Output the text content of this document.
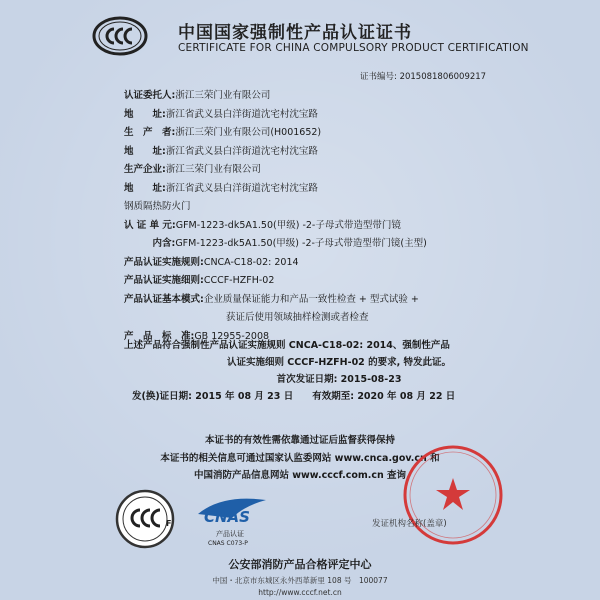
中国国家强制性产品认证证书
CERTIFICATE FOR CHINA COMPULSORY PRODUCT CERTIFICATION
证书编号: 2015081806009217
认证委托人: 浙江三荣门业有限公司
地　　址: 浙江省武义县白洋街道沈宅村沈宝路
生　产　者: 浙江三荣门业有限公司(H001652)
地　　址: 浙江省武义县白洋街道沈宅村沈宝路
生产企业: 浙江三荣门业有限公司
地　　址: 浙江省武义县白洋街道沈宅村沈宝路
钢质隔热防火门
认 证 单 元: GFM-1223-dk5A1.50(甲级) -2-子母式带造型带门镜
　　　内含: GFM-1223-dk5A1.50(甲级) -2-子母式带造型带门镜(主型)
产品认证实施规则: CNCA-C18-02: 2014
产品认证实施细则: CCCF-HZFH-02
产品认证基本模式: 企业质量保证能力和产品一致性检查 + 型式试验 +
获证后使用领域抽样检测或者检查
产　品　标　准: GB 12955-2008
上述产品符合强制性产品认证实施规则 CNCA-C18-02: 2014、强制性产品
认证实施细则 CCCF-HZFH-02 的要求, 特发此证。
首次发证日期: 2015-08-23
发(换)证日期: 2015 年 08 月 23 日　　有效期至: 2020 年 08 月 22 日
本证书的有效性需依靠通过证后监督获得保持
本证书的相关信息可通过国家认监委网站 www.cnca.gov.cn 和
中国消防产品信息网站 www.cccf.com.cn 查询
F CNAS
产品认证
CNAS C073-P
发证机构名称(盖章)
公安部消防产品合格评定中心
中国・北京市东城区永外西革新里 108 号　100077
http://www.cccf.net.cn
